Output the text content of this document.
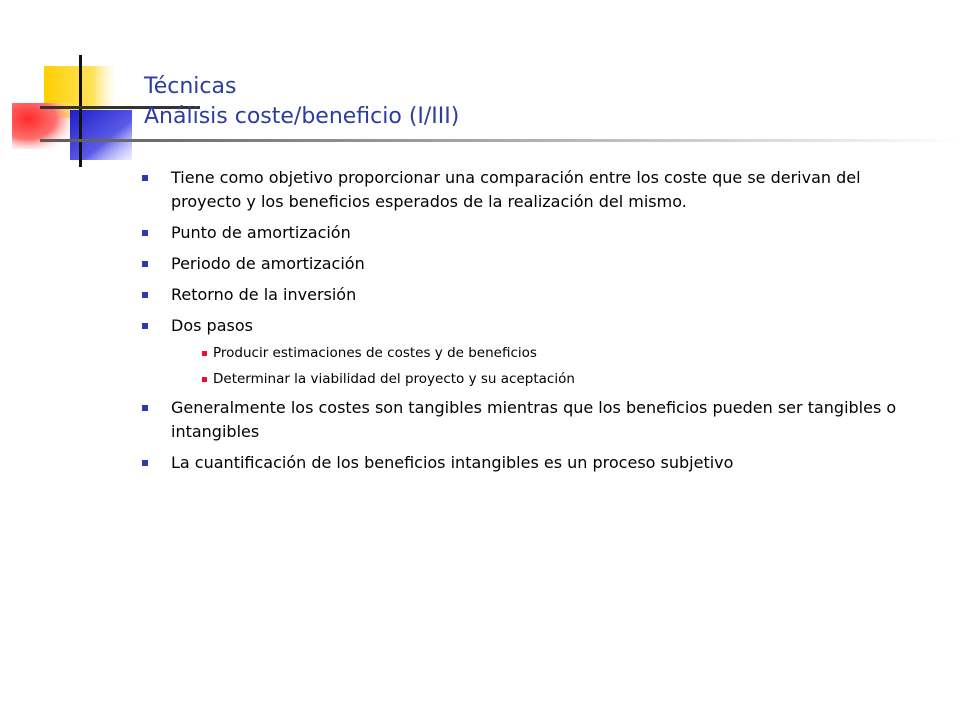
Técnicas
Análisis coste/beneficio (I/III)
Tiene como objetivo proporcionar una comparación entre los coste que se derivan del proyecto y los beneficios esperados de la realización del mismo.
Punto de amortización
Periodo de amortización
Retorno de la inversión
Dos pasos
Producir estimaciones de costes y de beneficios
Determinar la viabilidad del proyecto y su aceptación
Generalmente los costes son tangibles mientras que los beneficios pueden ser tangibles o intangibles
La cuantificación de los beneficios intangibles es un proceso subjetivo
